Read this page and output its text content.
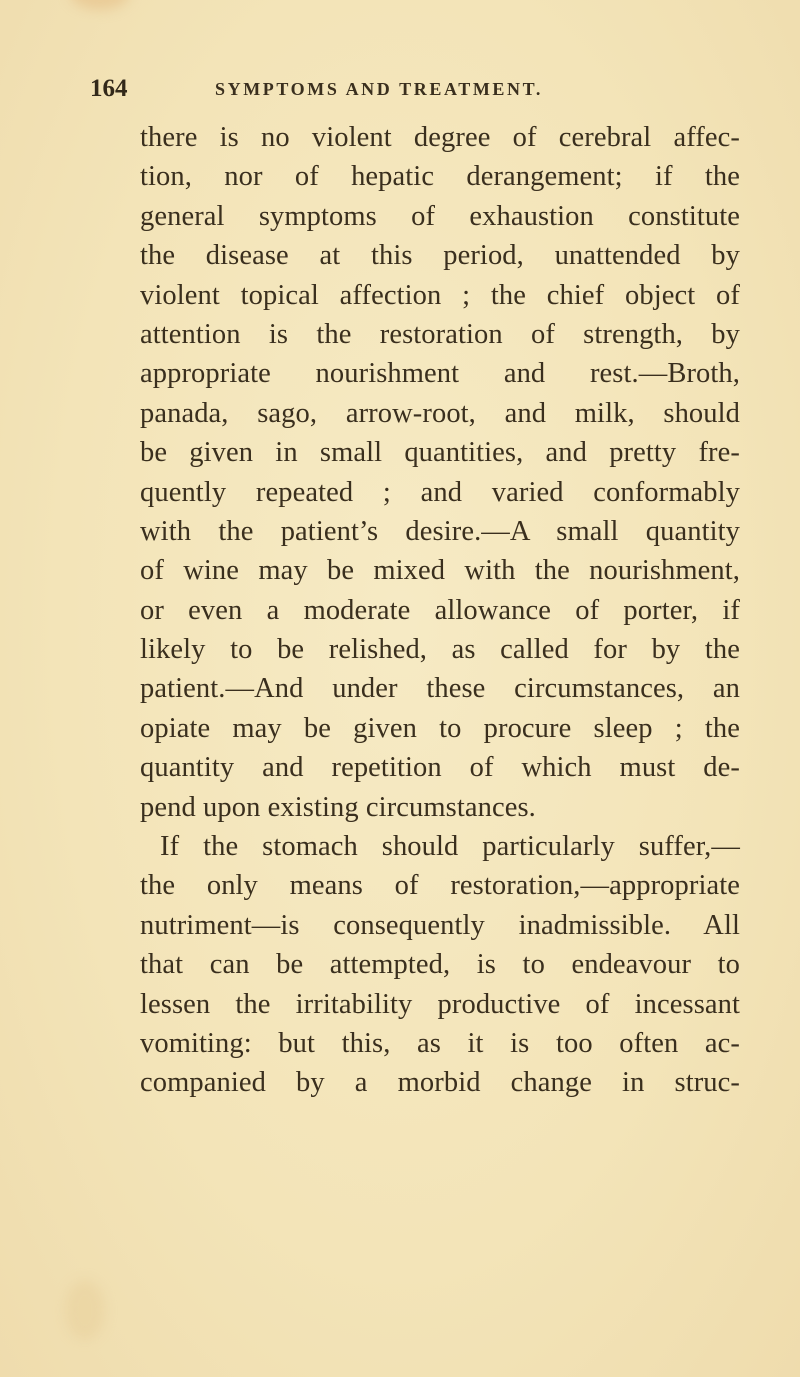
164	SYMPTOMS AND TREATMENT.
there is no violent degree of cerebral affec-
tion, nor of hepatic derangement; if the
general symptoms of exhaustion constitute
the disease at this period, unattended by
violent topical affection ; the chief object of
attention is the restoration of strength, by
appropriate nourishment and rest.—Broth,
panada, sago, arrow-root, and milk, should
be given in small quantities, and pretty fre-
quently repeated ; and varied conformably
with the patient’s desire.—A small quantity
of wine may be mixed with the nourishment,
or even a moderate allowance of porter, if
likely to be relished, as called for by the
patient.—And under these circumstances, an
opiate may be given to procure sleep ; the
quantity and repetition of which must de-
pend upon existing circumstances.
If the stomach should particularly suffer,—
the only means of restoration,—appropriate
nutriment—is consequently inadmissible. All
that can be attempted, is to endeavour to
lessen the irritability productive of incessant
vomiting: but this, as it is too often ac-
companied by a morbid change in struc-
